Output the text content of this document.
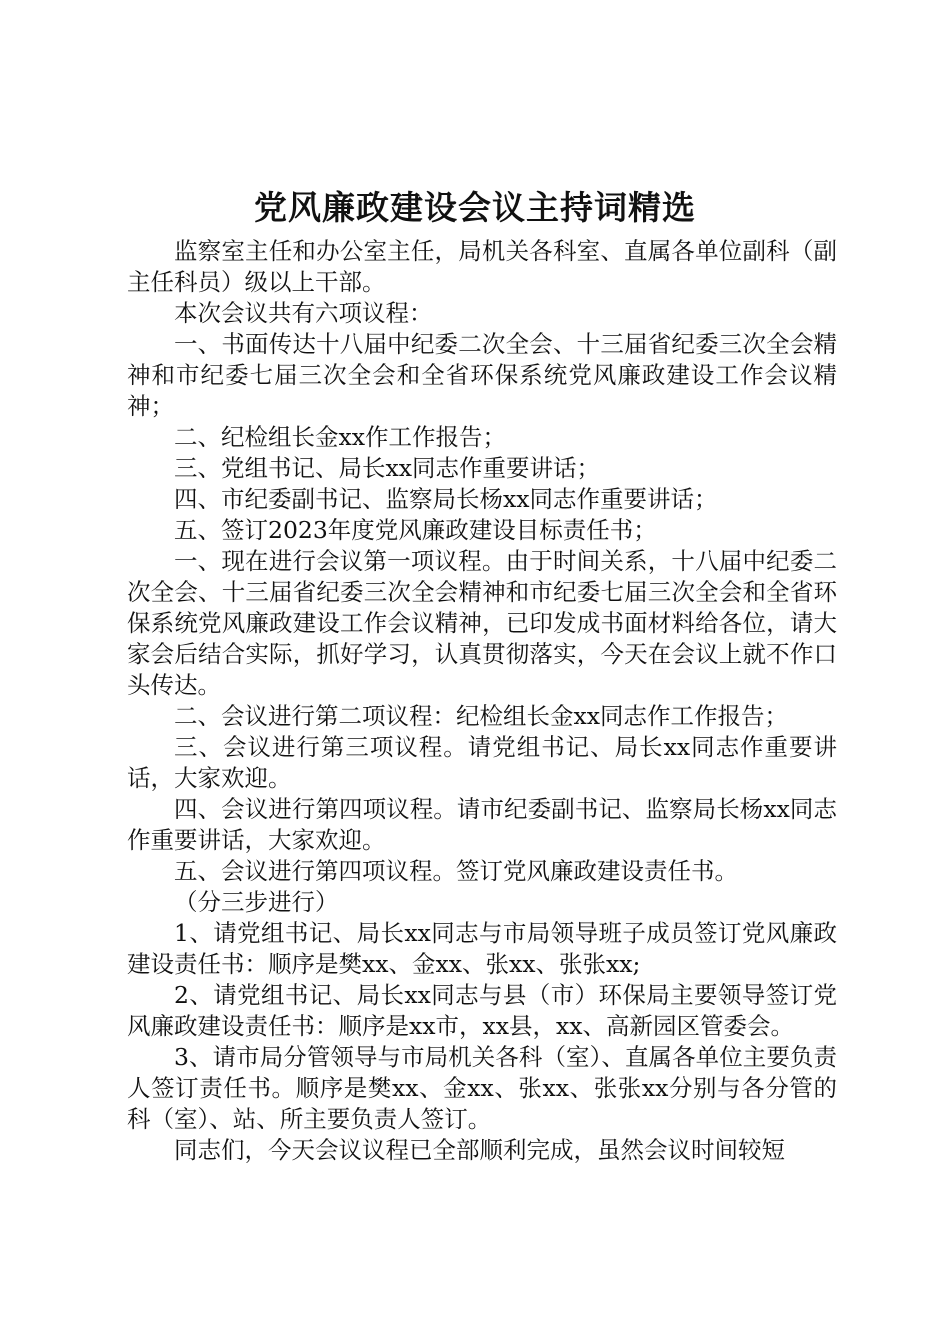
党风廉政建设会议主持词精选

监察室主任和办公室主任，局机关各科室、直属各单位副科（副主任科员）级以上干部。

本次会议共有六项议程：

一、书面传达十八届中纪委二次全会、十三届省纪委三次全会精神和市纪委七届三次全会和全省环保系统党风廉政建设工作会议精神；

二、纪检组长金xx作工作报告；

三、党组书记、局长xx同志作重要讲话；

四、市纪委副书记、监察局长杨xx同志作重要讲话；

五、签订2023年度党风廉政建设目标责任书；

一、现在进行会议第一项议程。由于时间关系，十八届中纪委二次全会、十三届省纪委三次全会精神和市纪委七届三次全会和全省环保系统党风廉政建设工作会议精神，已印发成书面材料给各位，请大家会后结合实际，抓好学习，认真贯彻落实，今天在会议上就不作口头传达。

二、会议进行第二项议程：纪检组长金xx同志作工作报告；

三、会议进行第三项议程。请党组书记、局长xx同志作重要讲话，大家欢迎。

四、会议进行第四项议程。请市纪委副书记、监察局长杨xx同志作重要讲话，大家欢迎。

五、会议进行第四项议程。签订党风廉政建设责任书。

（分三步进行）

1、请党组书记、局长xx同志与市局领导班子成员签订党风廉政建设责任书：顺序是樊xx、金xx、张xx、张张xx;

2、请党组书记、局长xx同志与县（市）环保局主要领导签订党风廉政建设责任书：顺序是xx市，xx县，xx、高新园区管委会。

3、请市局分管领导与市局机关各科（室）、直属各单位主要负责人签订责任书。顺序是樊xx、金xx、张xx、张张xx分别与各分管的科（室）、站、所主要负责人签订。

同志们，今天会议议程已全部顺利完成，虽然会议时间较短
